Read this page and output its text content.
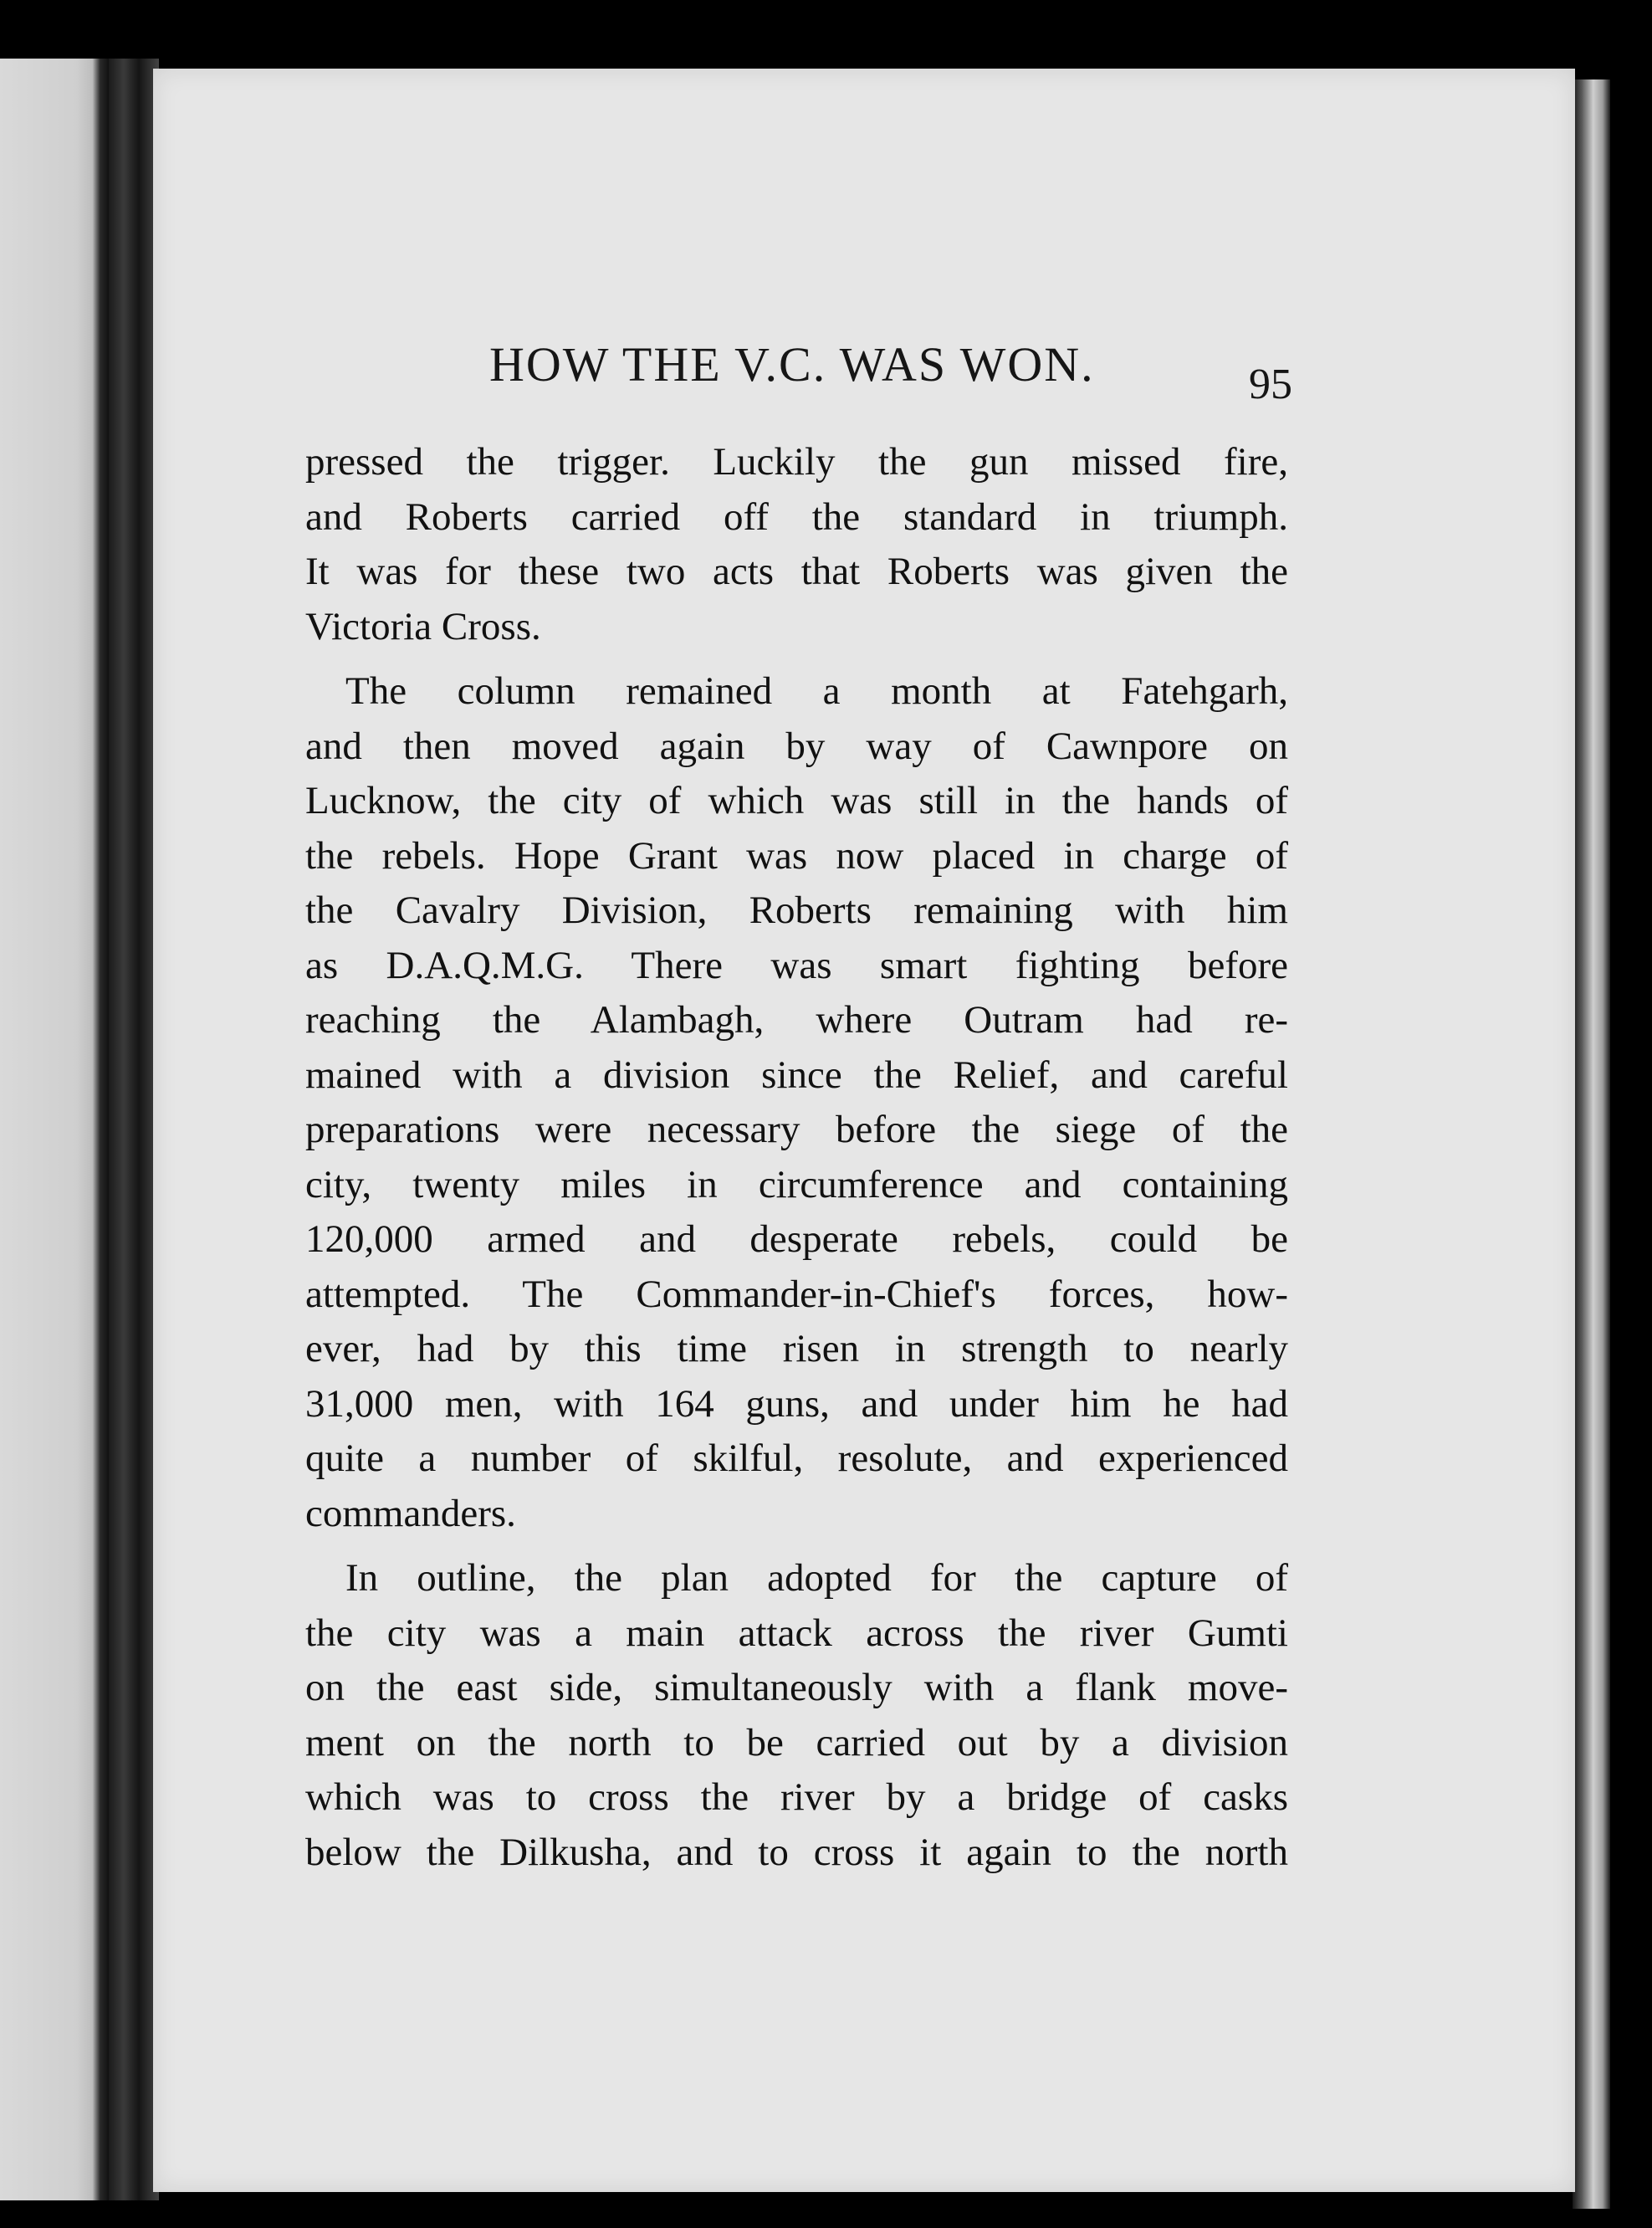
HOW THE V.C. WAS WON.	95
pressed the trigger. Luckily the gun missed fire,
and Roberts carried off the standard in triumph.
It was for these two acts that Roberts was given the
Victoria Cross.
The column remained a month at Fatehgarh,
and then moved again by way of Cawnpore on
Lucknow, the city of which was still in the hands of
the rebels. Hope Grant was now placed in charge of
the Cavalry Division, Roberts remaining with him
as D.A.Q.M.G. There was smart fighting before
reaching the Alambagh, where Outram had re-
mained with a division since the Relief, and careful
preparations were necessary before the siege of the
city, twenty miles in circumference and containing
120,000 armed and desperate rebels, could be
attempted. The Commander-in-Chief's forces, how-
ever, had by this time risen in strength to nearly
31,000 men, with 164 guns, and under him he had
quite a number of skilful, resolute, and experienced
commanders.
In outline, the plan adopted for the capture of
the city was a main attack across the river Gumti
on the east side, simultaneously with a flank move-
ment on the north to be carried out by a division
which was to cross the river by a bridge of casks
below the Dilkusha, and to cross it again to the north
